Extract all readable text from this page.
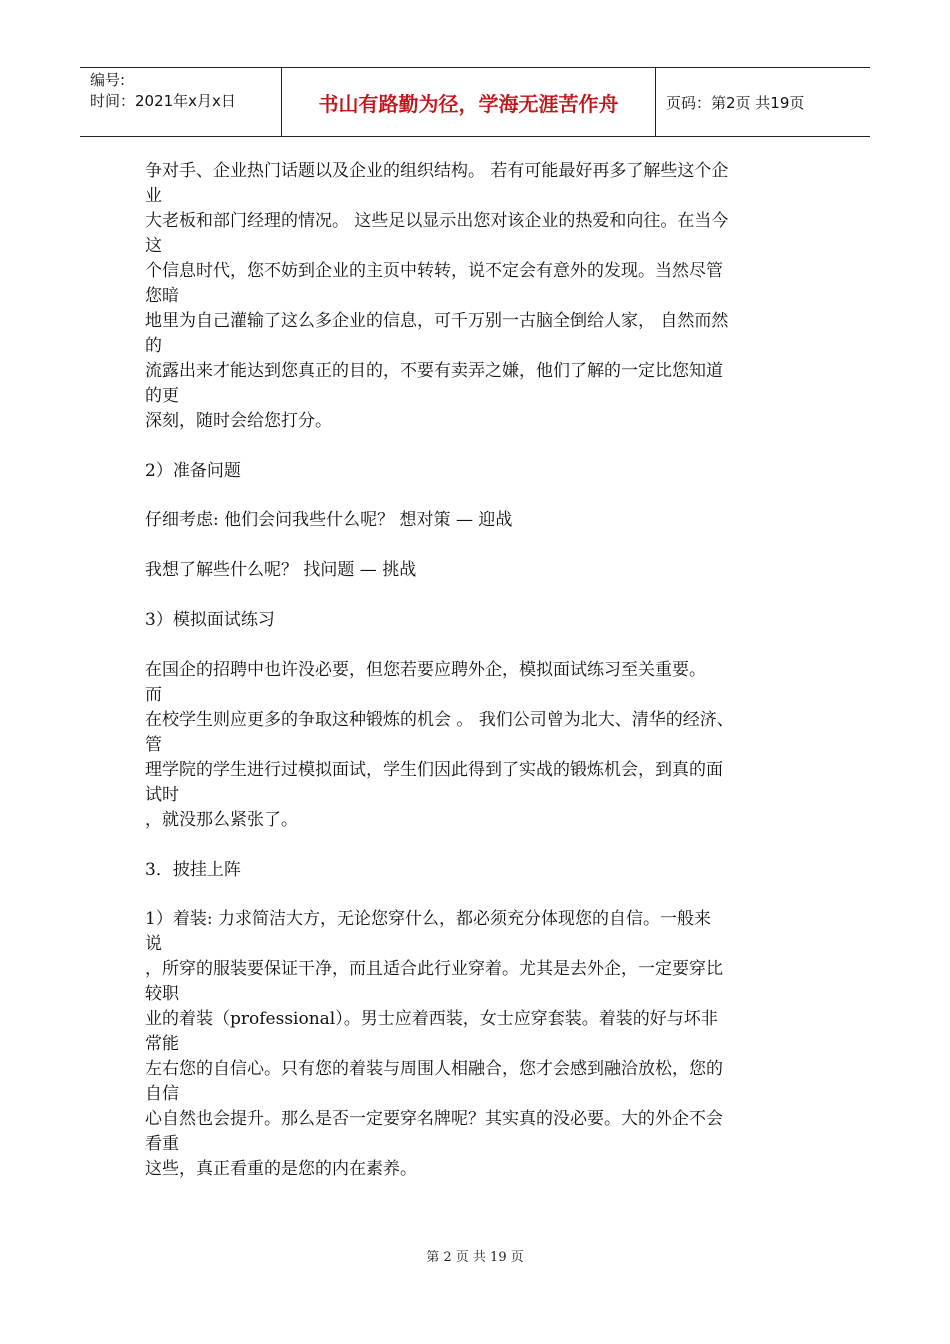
编号:
时间：2021年x月x日	书山有路勤为径，学海无涯苦作舟	页码：第2页 共19页
争对手、企业热门话题以及企业的组织结构。 若有可能最好再多了解些这个企
业
大老板和部门经理的情况。 这些足以显示出您对该企业的热爱和向往。在当今
这
个信息时代，您不妨到企业的主页中转转，说不定会有意外的发现。当然尽管
您暗
地里为自己灌输了这么多企业的信息，可千万别一古脑全倒给人家， 自然而然
的
流露出来才能达到您真正的目的，不要有卖弄之嫌，他们了解的一定比您知道
的更
深刻，随时会给您打分。
2）准备问题
仔细考虑: 他们会问我些什么呢？ 想对策 — 迎战
我想了解些什么呢？ 找问题 — 挑战
3）模拟面试练习
在国企的招聘中也许没必要，但您若要应聘外企，模拟面试练习至关重要。
而
在校学生则应更多的争取这种锻炼的机会 。 我们公司曾为北大、清华的经济、
管
理学院的学生进行过模拟面试，学生们因此得到了实战的锻炼机会，到真的面
试时
，就没那么紧张了。
3．披挂上阵
1）着装: 力求简洁大方，无论您穿什么，都必须充分体现您的自信。一般来
说
，所穿的服装要保证干净，而且适合此行业穿着。尤其是去外企，一定要穿比
较职
业的着装（professional）。男士应着西装，女士应穿套装。着装的好与坏非
常能
左右您的自信心。只有您的着装与周围人相融合，您才会感到融洽放松，您的
自信
心自然也会提升。那么是否一定要穿名牌呢？其实真的没必要。大的外企不会
看重
这些，真正看重的是您的内在素养。
第 2 页 共 19 页
